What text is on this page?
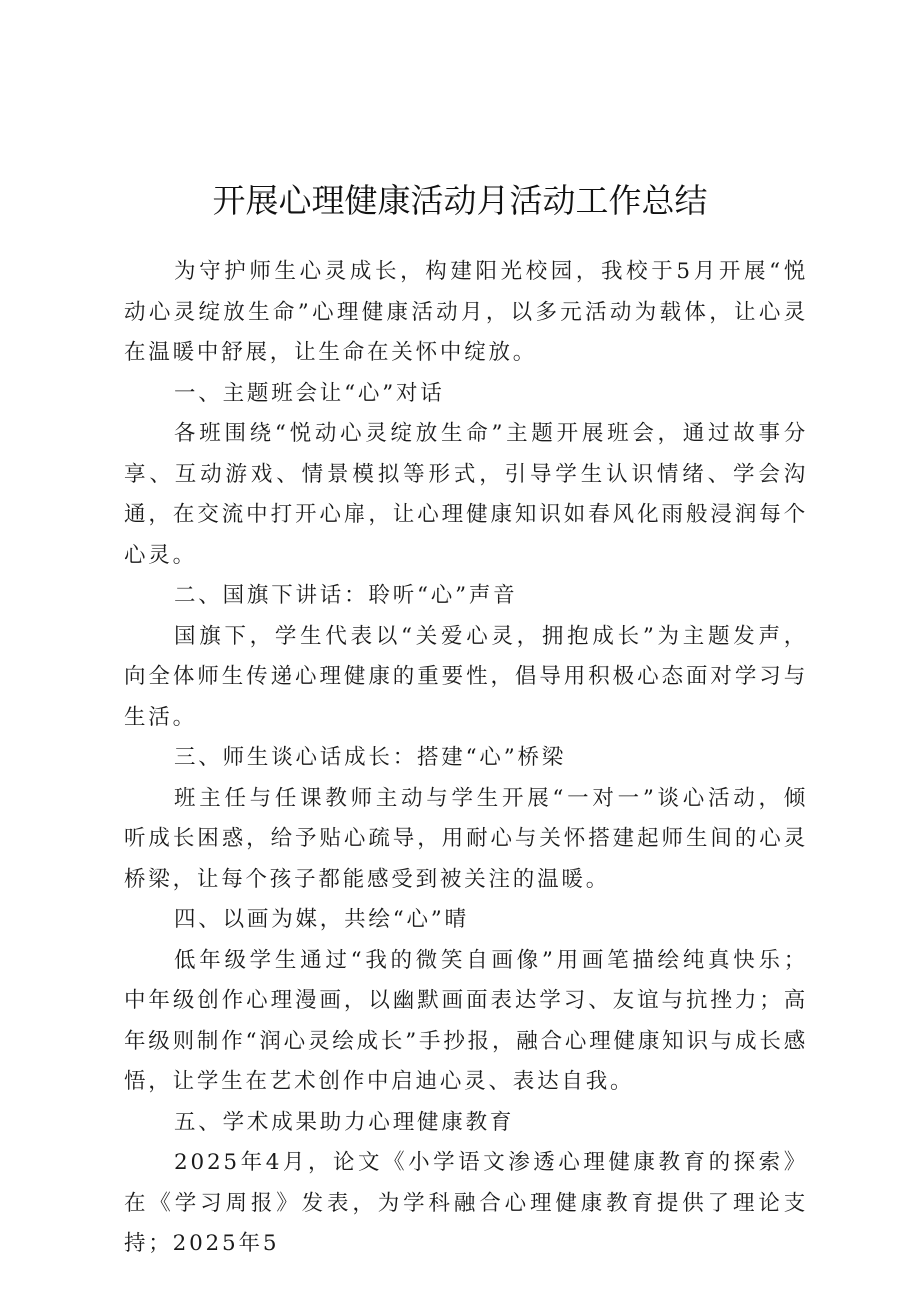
开展心理健康活动月活动工作总结

为守护师生心灵成长，构建阳光校园，我校于5月开展“悦动心灵绽放生命”心理健康活动月，以多元活动为载体，让心灵在温暖中舒展，让生命在关怀中绽放。

一、主题班会让“心”对话

各班围绕“悦动心灵绽放生命”主题开展班会，通过故事分享、互动游戏、情景模拟等形式，引导学生认识情绪、学会沟通，在交流中打开心扉，让心理健康知识如春风化雨般浸润每个心灵。

二、国旗下讲话：聆听“心”声音

国旗下，学生代表以“关爱心灵，拥抱成长”为主题发声，向全体师生传递心理健康的重要性，倡导用积极心态面对学习与生活。

三、师生谈心话成长：搭建“心”桥梁

班主任与任课教师主动与学生开展“一对一”谈心活动，倾听成长困惑，给予贴心疏导，用耐心与关怀搭建起师生间的心灵桥梁，让每个孩子都能感受到被关注的温暖。

四、以画为媒，共绘“心”晴

低年级学生通过“我的微笑自画像”用画笔描绘纯真快乐；中年级创作心理漫画，以幽默画面表达学习、友谊与抗挫力；高年级则制作“润心灵绘成长”手抄报，融合心理健康知识与成长感悟，让学生在艺术创作中启迪心灵、表达自我。

五、学术成果助力心理健康教育

2025年4月，论文《小学语文渗透心理健康教育的探索》在《学习周报》发表，为学科融合心理健康教育提供了理论支持；2025年5
